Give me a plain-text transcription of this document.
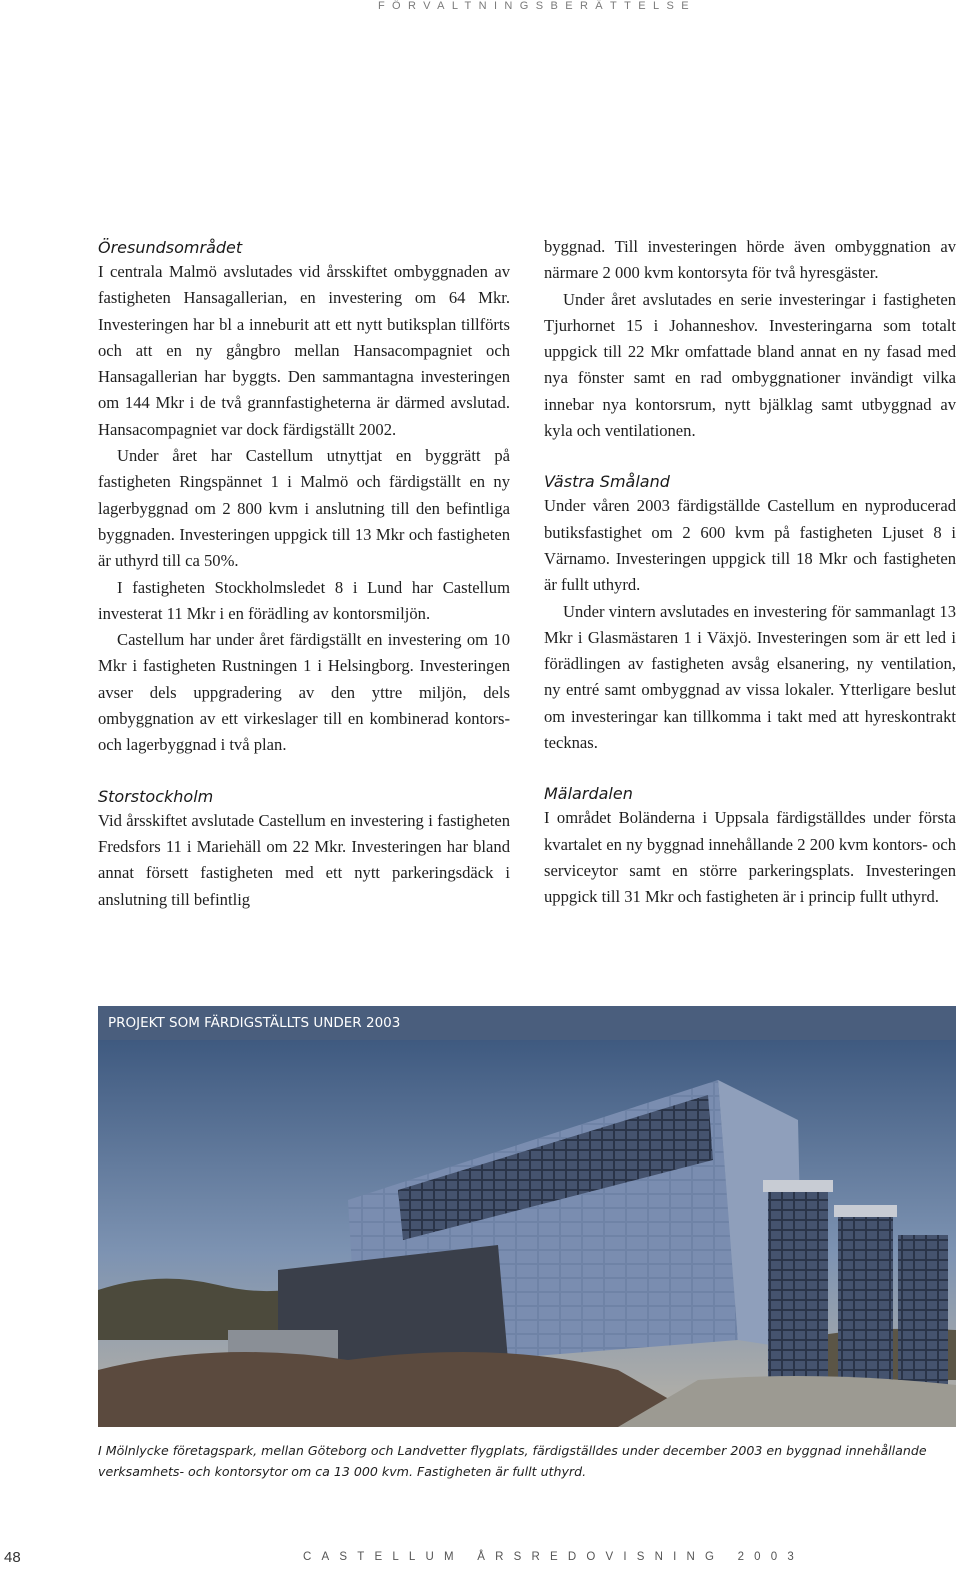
FÖRVALTNINGSBERÄTTELSE
Öresundsområdet

I centrala Malmö avslutades vid årsskiftet ombyggnaden av fastigheten Hansagallerian, en investering om 64 Mkr. Investeringen har bl a inneburit att ett nytt butiksplan tillförts och att en ny gångbro mellan Hansacompagniet och Hansagallerian har byggts. Den sammantagna investeringen om 144 Mkr i de två grannfastigheterna är därmed avslutad. Hansacompagniet var dock färdigställt 2002.

Under året har Castellum utnyttjat en byggrätt på fastigheten Ringspännet 1 i Malmö och färdigställt en ny lagerbyggnad om 2 800 kvm i anslutning till den befintliga byggnaden. Investeringen uppgick till 13 Mkr och fastigheten är uthyrd till ca 50%.

I fastigheten Stockholmsledet 8 i Lund har Castellum investerat 11 Mkr i en förädling av kontorsmiljön.

Castellum har under året färdigställt en investering om 10 Mkr i fastigheten Rustningen 1 i Helsingborg. Investeringen avser dels uppgradering av den yttre miljön, dels ombyggnation av ett virkeslager till en kombinerad kontors- och lagerbyggnad i två plan.

Storstockholm

Vid årsskiftet avslutade Castellum en investering i fastigheten Fredsfors 11 i Mariehäll om 22 Mkr. Investeringen har bland annat försett fastigheten med ett nytt parkeringsdäck i anslutning till befintlig

byggnad. Till investeringen hörde även ombyggnation av närmare 2 000 kvm kontorsyta för två hyresgäster.

Under året avslutades en serie investeringar i fastigheten Tjurhornet 15 i Johanneshov. Investeringarna som totalt uppgick till 22 Mkr omfattade bland annat en ny fasad med nya fönster samt en rad ombyggnationer invändigt vilka innebar nya kontorsrum, nytt bjälklag samt utbyggnad av kyla och ventilationen.

Västra Småland

Under våren 2003 färdigställde Castellum en nyproducerad butiksfastighet om 2 600 kvm på fastigheten Ljuset 8 i Värnamo. Investeringen uppgick till 18 Mkr och fastigheten är fullt uthyrd.

Under vintern avslutades en investering för sammanlagt 13 Mkr i Glasmästaren 1 i Växjö. Investeringen som är ett led i förädlingen av fastigheten avsåg elsanering, ny ventilation, ny entré samt ombyggnad av vissa lokaler. Ytterligare beslut om investeringar kan tillkomma i takt med att hyreskontrakt tecknas.

Mälardalen

I området Boländerna i Uppsala färdigställdes under första kvartalet en ny byggnad innehållande 2 200 kvm kontors- och serviceytor samt en större parkeringsplats. Investeringen uppgick till 31 Mkr och fastigheten är i princip fullt uthyrd.

PROJEKT SOM FÄRDIGSTÄLLTS UNDER 2003
I Mölnlycke företagspark, mellan Göteborg och Landvetter flygplats, färdigställdes under december 2003 en byggnad innehållande
verksamhets- och kontorsytor om ca 13 000 kvm. Fastigheten är fullt uthyrd.
48	CASTELLUM ÅRSREDOVISNING 2003
